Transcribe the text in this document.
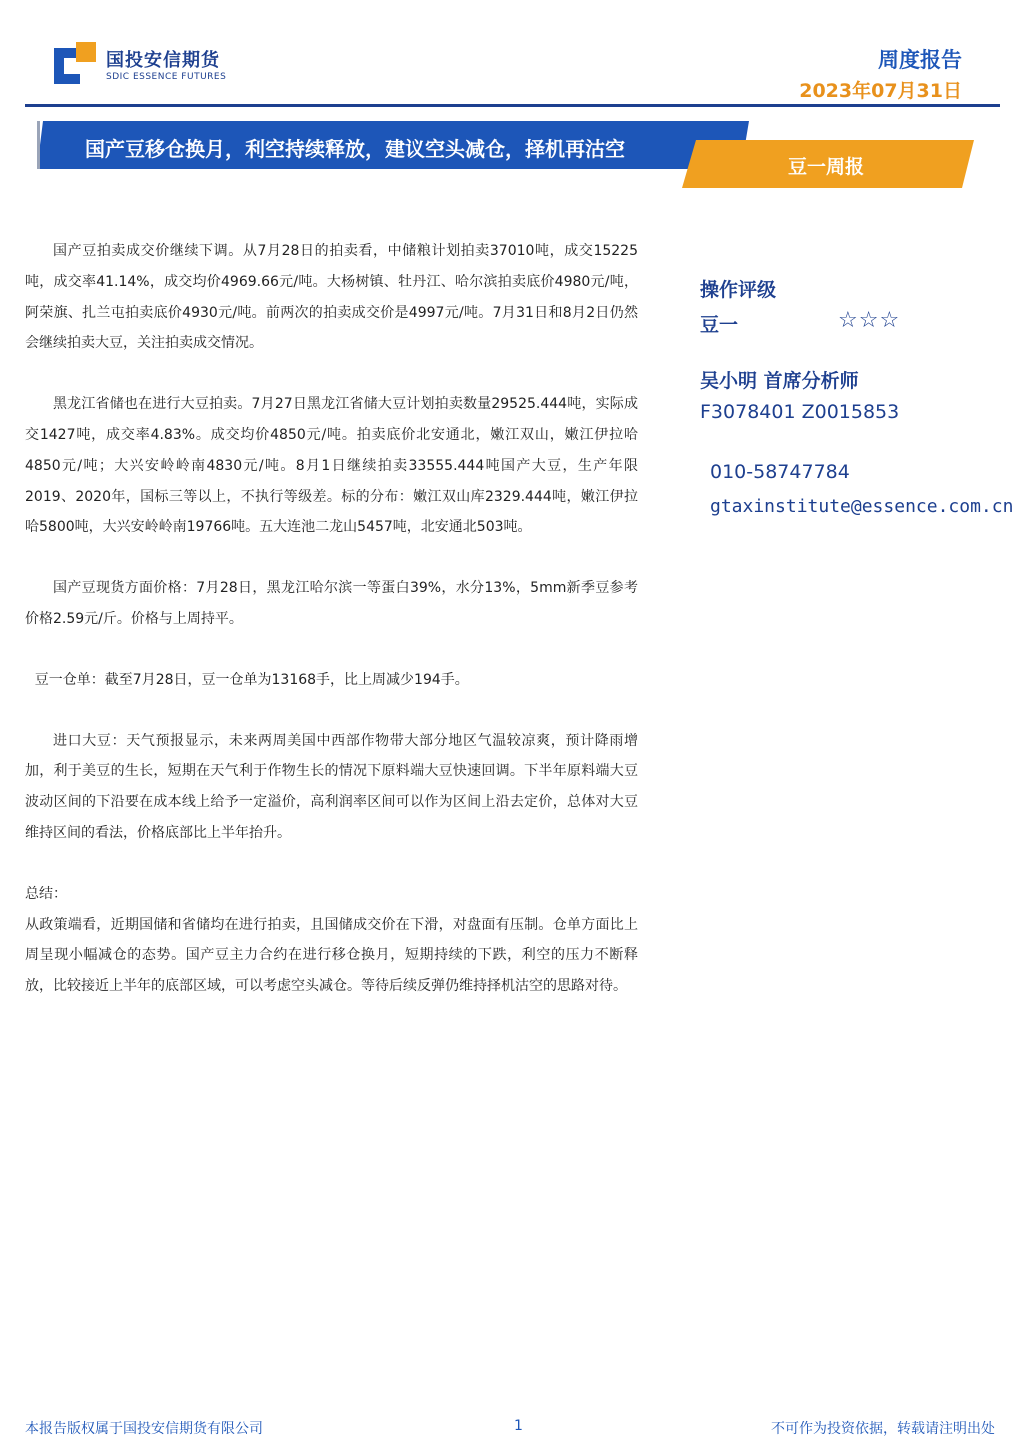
国投安信期货
SDIC ESSENCE FUTURES
周度报告
2023年07月31日
国产豆移仓换月，利空持续释放，建议空头减仓，择机再沽空
豆一周报

国产豆拍卖成交价继续下调。从7月28日的拍卖看，中储粮计划拍卖37010吨，成交15225吨，成交率41.14%，成交均价4969.66元/吨。大杨树镇、牡丹江、哈尔滨拍卖底价4980元/吨，阿荣旗、扎兰屯拍卖底价4930元/吨。前两次的拍卖成交价是4997元/吨。7月31日和8月2日仍然会继续拍卖大豆，关注拍卖成交情况。

黑龙江省储也在进行大豆拍卖。7月27日黑龙江省储大豆计划拍卖数量29525.444吨，实际成交1427吨，成交率4.83%。成交均价4850元/吨。拍卖底价北安通北，嫩江双山，嫩江伊拉哈4850元/吨；大兴安岭岭南4830元/吨。8月1日继续拍卖33555.444吨国产大豆，生产年限2019、2020年，国标三等以上，不执行等级差。标的分布：嫩江双山库2329.444吨，嫩江伊拉哈5800吨，大兴安岭岭南19766吨。五大连池二龙山5457吨，北安通北503吨。

国产豆现货方面价格：7月28日，黑龙江哈尔滨一等蛋白39%，水分13%，5mm新季豆参考价格2.59元/斤。价格与上周持平。

豆一仓单：截至7月28日，豆一仓单为13168手，比上周减少194手。

进口大豆：天气预报显示，未来两周美国中西部作物带大部分地区气温较凉爽，预计降雨增加，利于美豆的生长，短期在天气利于作物生长的情况下原料端大豆快速回调。下半年原料端大豆波动区间的下沿要在成本线上给予一定溢价，高利润率区间可以作为区间上沿去定价，总体对大豆维持区间的看法，价格底部比上半年抬升。

总结：

从政策端看，近期国储和省储均在进行拍卖，且国储成交价在下滑，对盘面有压制。仓单方面比上周呈现小幅减仓的态势。国产豆主力合约在进行移仓换月，短期持续的下跌，利空的压力不断释放，比较接近上半年的底部区域，可以考虑空头减仓。等待后续反弹仍维持择机沽空的思路对待。

操作评级
豆一	☆☆☆
吴小明 首席分析师
F3078401 Z0015853
010-58747784
gtaxinstitute@essence.com.cn
本报告版权属于国投安信期货有限公司	1	不可作为投资依据，转载请注明出处
